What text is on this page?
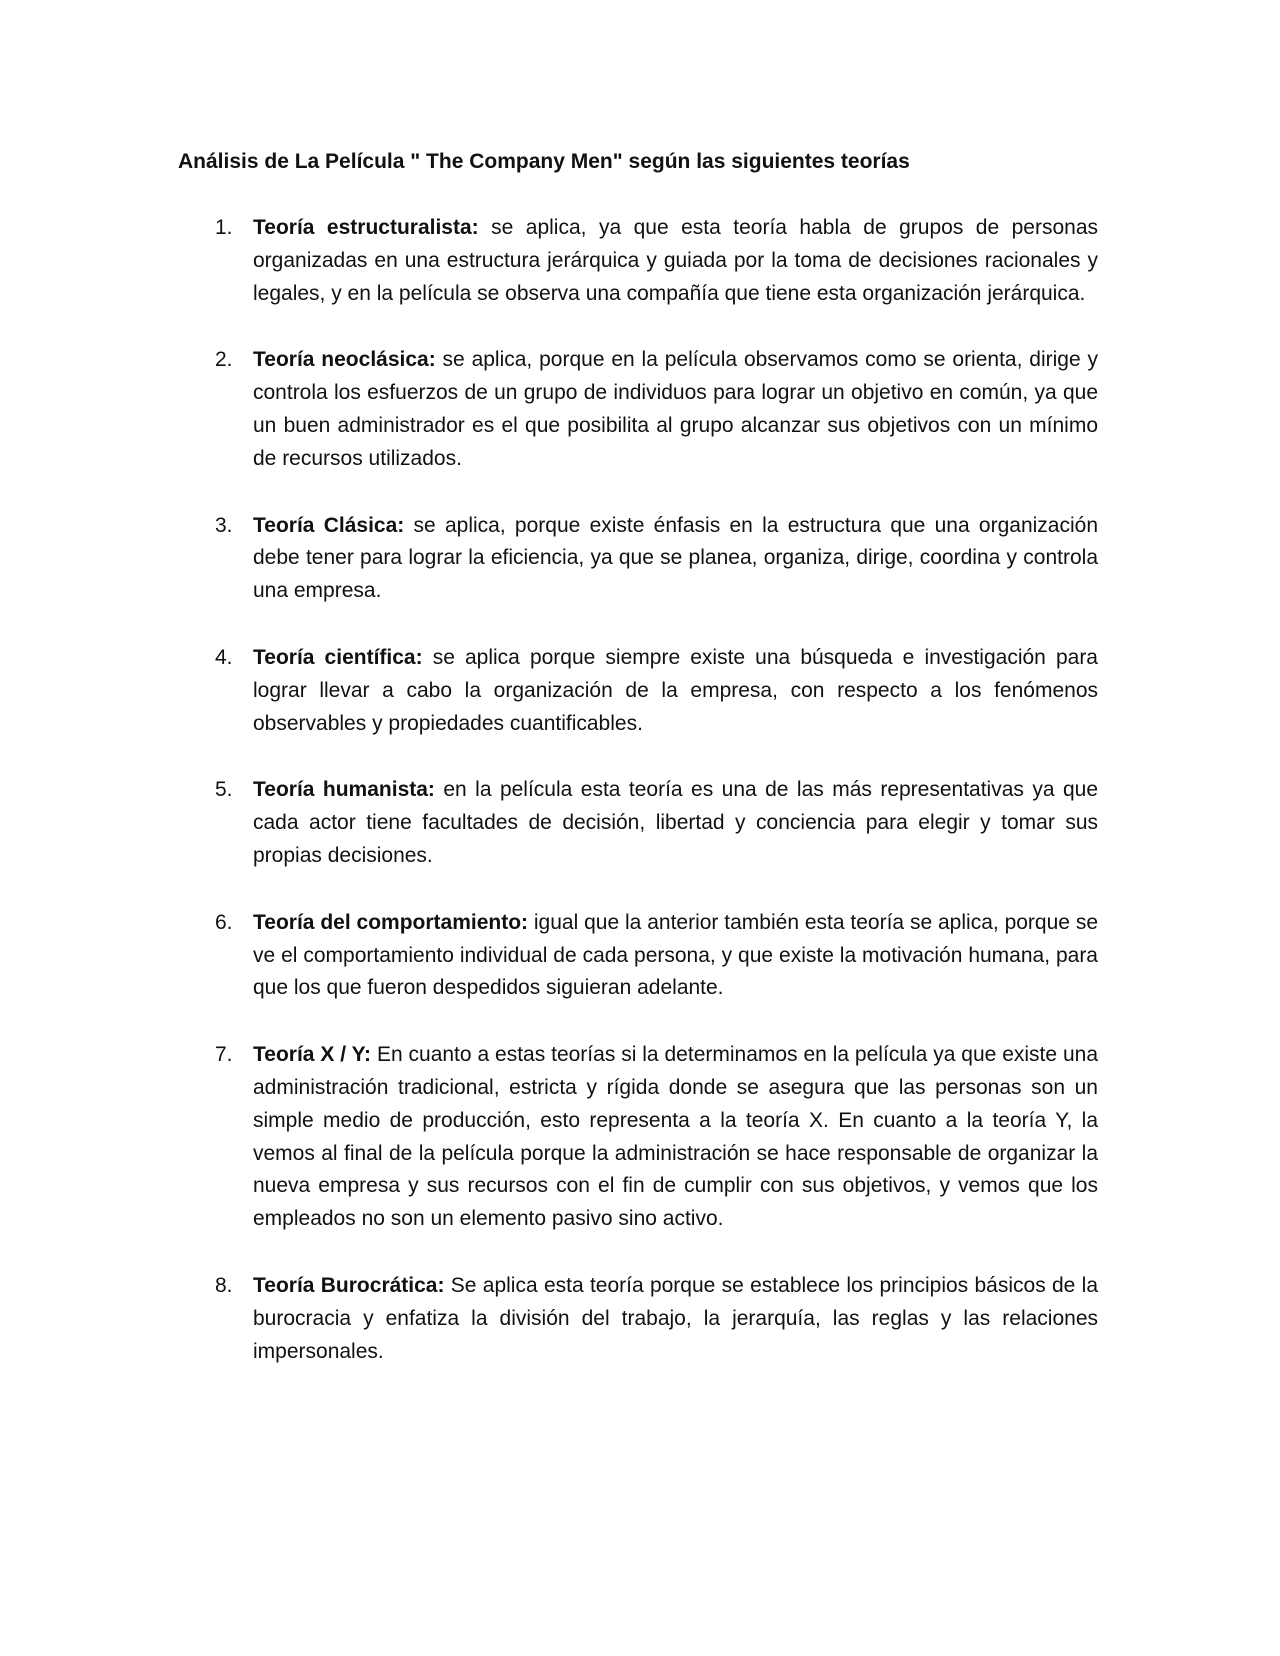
Análisis de La Película " The Company Men" según las siguientes teorías
1. Teoría estructuralista: se aplica, ya que esta teoría habla de grupos de personas organizadas en una estructura jerárquica y guiada por la toma de decisiones racionales y legales, y en la película se observa una compañía que tiene esta organización jerárquica.
2. Teoría neoclásica: se aplica, porque en la película observamos como se orienta, dirige y controla los esfuerzos de un grupo de individuos para lograr un objetivo en común, ya que un buen administrador es el que posibilita al grupo alcanzar sus objetivos con un mínimo de recursos utilizados.
3. Teoría Clásica: se aplica, porque existe énfasis en la estructura que una organización debe tener para lograr la eficiencia, ya que se planea, organiza, dirige, coordina y controla una empresa.
4. Teoría científica: se aplica porque siempre existe una búsqueda e investigación para lograr llevar a cabo la organización de la empresa, con respecto a los fenómenos observables y propiedades cuantificables.
5. Teoría humanista: en la película esta teoría es una de las más representativas ya que cada actor tiene facultades de decisión, libertad y conciencia para elegir y tomar sus propias decisiones.
6. Teoría del comportamiento: igual que la anterior también esta teoría se aplica, porque se ve el comportamiento individual de cada persona, y que existe la motivación humana, para que los que fueron despedidos siguieran adelante.
7. Teoría X / Y: En cuanto a estas teorías si la determinamos en la película ya que existe una administración tradicional, estricta y rígida donde se asegura que las personas son un simple medio de producción, esto representa a la teoría X. En cuanto a la teoría Y, la vemos al final de la película porque la administración se hace responsable de organizar la nueva empresa y sus recursos con el fin de cumplir con sus objetivos, y vemos que los empleados no son un elemento pasivo sino activo.
8. Teoría Burocrática: Se aplica esta teoría porque se establece los principios básicos de la burocracia y enfatiza la división del trabajo, la jerarquía, las reglas y las relaciones impersonales.
